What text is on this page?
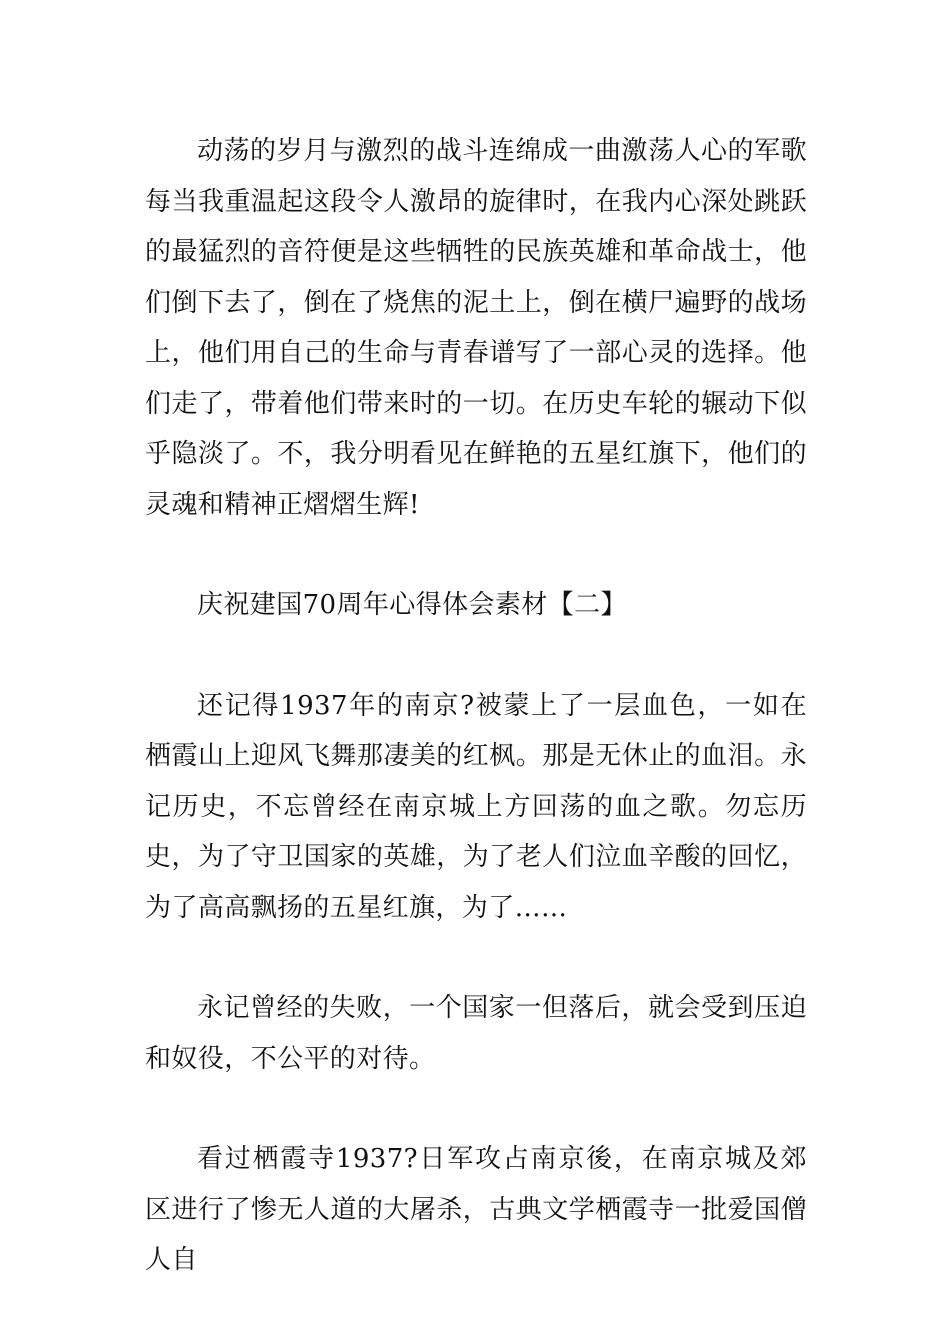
动荡的岁月与激烈的战斗连绵成一曲激荡人心的军歌每当我重温起这段令人激昂的旋律时，在我内心深处跳跃的最猛烈的音符便是这些牺牲的民族英雄和革命战士，他们倒下去了，倒在了烧焦的泥土上，倒在横尸遍野的战场上，他们用自己的生命与青春谱写了一部心灵的选择。他们走了，带着他们带来时的一切。在历史车轮的辗动下似乎隐淡了。不，我分明看见在鲜艳的五星红旗下，他们的灵魂和精神正熠熠生辉!

庆祝建国70周年心得体会素材【二】

还记得1937年的南京?被蒙上了一层血色，一如在栖霞山上迎风飞舞那凄美的红枫。那是无休止的血泪。永记历史，不忘曾经在南京城上方回荡的血之歌。勿忘历史，为了守卫国家的英雄，为了老人们泣血辛酸的回忆，为了高高飘扬的五星红旗，为了……

永记曾经的失败，一个国家一但落后，就会受到压迫和奴役，不公平的对待。

看过栖霞寺1937?日军攻占南京後，在南京城及郊区进行了惨无人道的大屠杀，古典文学栖霞寺一批爱国僧人自
